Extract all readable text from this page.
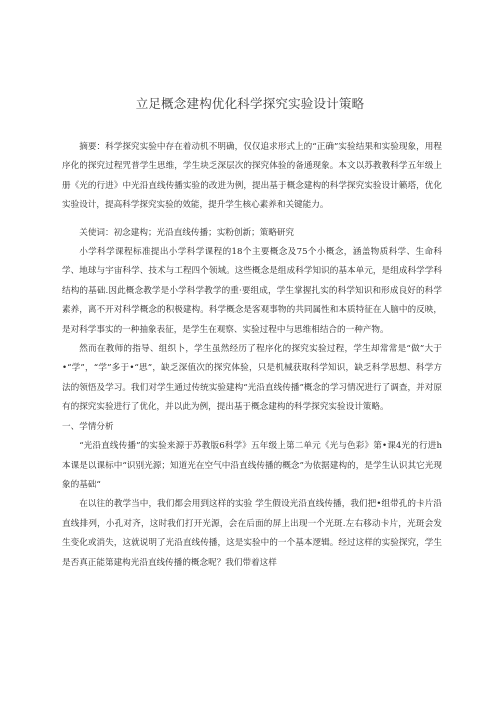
立足概念建构优化科学探究实验设计策略

摘要：科学探究实验中存在着动机不明确，仅仅追求形式上的“正确”实验结果和实验现象，用程序化的探究过程咒普学生思维，学生块乏深层次的探究体验的备通现象。本文以苏教教科学五年级上册《光的行进》中光沿直线传播实验的改进为例，提出基于概念建构的科学探究实验设计籁塔，优化实验设计，提高科学探究实验的效能，提升学生核心素养和关键能力。

关使词：初念建构；光沿直线传播；实粉创新；策略研究

小学科学课程标准提出小学科学课程的18个主要概念及75个小概念，涵盖物质科学、生命科学、地球与宇宙科学、技术与工程四个领域。这些概念是组成科学知识的基本单元，是组成科学学科结构的基础.因此概念教学是小学科学教学的重·要组成，学生掌握扎实的科学知识和形成良好的科学素养，离不开对科学概念的积极建构。科学概念是客观事物的共同属性和本质特征在人脑中的反映，是对科学事实的一种抽象表征，是学生在观察、实验过程中与思维相结合的一种产物。

然而在教师的指导、组织卜，学生虽然经历了程序化的探究实验过程，学生却常常是“做”大于•“学”，“学”多于•“思”，缺乏深值次的探究体验，只是机械获取科学知识，缺乏科学思想、科学方法的领悟及学习。我们对学生通过传统实验建构“光沿直线传播”概念的学习情况进行了调查，并对原有的探究实验进行了优化，并以此为例，提出基于概念建构的科学探究实验设计策略。

一、学情分析

“光沿直线传播”的实验来源于苏教版6科学》五年级上第二单元《光与色彩》第•课4光的行进h本课是以课标中“识别光源；知道光在空气中沿直线传播的概念”为依据建构的，是学生认识其它光现象的基础“

在以往的教学当中，我们都会用到这样的实验 学生假设光沿直线传播，我们把•组带孔的卡片沿直线排列，小孔对齐，这时我们打开光源，会在后面的屏上出现一个光斑.左右移动卡片，光斑会发生变化或消失，这就说明了光沿直线传播，这是实验中的一个基本逻辑。经过这样的实验探究，学生是否真正能第建构光沿直线传播的概念呢？我们带着这样
